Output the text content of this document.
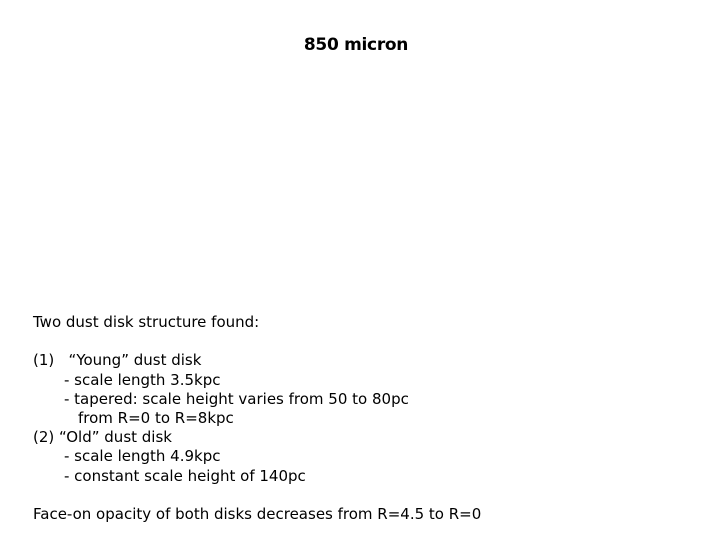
850 micron
Two dust disk structure found:
(1)   “Young” dust disk
- scale length 3.5kpc
- tapered: scale height varies from 50 to 80pc
from R=0 to R=8kpc
(2) “Old” dust disk
- scale length 4.9kpc
- constant scale height of 140pc
Face-on opacity of both disks decreases from R=4.5 to R=0
